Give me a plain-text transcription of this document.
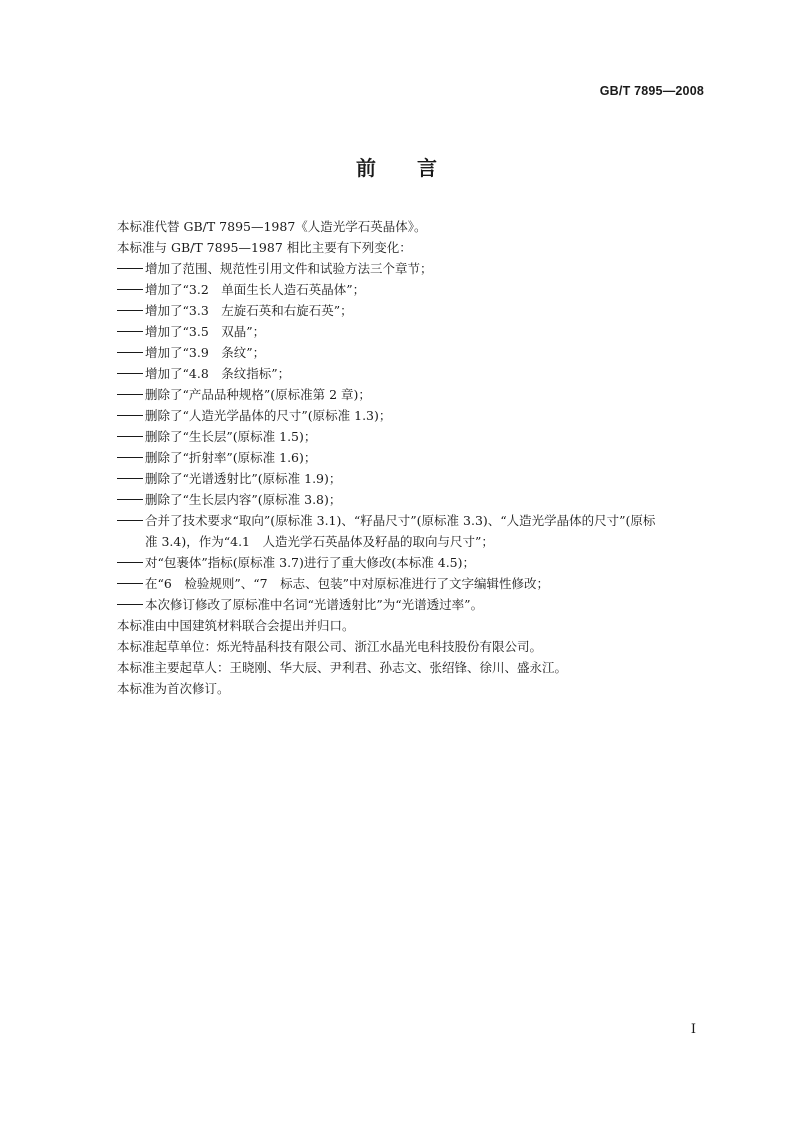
GB/T 7895—2008
前 言
本标准代替 GB/T 7895—1987《人造光学石英晶体》。
本标准与 GB/T 7895—1987 相比主要有下列变化：
增加了范围、规范性引用文件和试验方法三个章节；
增加了“3.2　单面生长人造石英晶体”；
增加了“3.3　左旋石英和右旋石英”；
增加了“3.5　双晶”；
增加了“3.9　条纹”；
增加了“4.8　条纹指标”；
删除了“产品品种规格”(原标准第 2 章)；
删除了“人造光学晶体的尺寸”(原标准 1.3)；
删除了“生长层”(原标准 1.5)；
删除了“折射率”(原标准 1.6)；
删除了“光谱透射比”(原标准 1.9)；
删除了“生长层内容”(原标准 3.8)；
合并了技术要求“取向”(原标准 3.1)、“籽晶尺寸”(原标准 3.3)、“人造光学晶体的尺寸”(原标
准 3.4)，作为“4.1　人造光学石英晶体及籽晶的取向与尺寸”；
对“包裹体”指标(原标准 3.7)进行了重大修改(本标准 4.5)；
在“6　检验规则”、“7　标志、包装”中对原标准进行了文字编辑性修改；
本次修订修改了原标准中名词“光谱透射比”为“光谱透过率”。
本标准由中国建筑材料联合会提出并归口。
本标准起草单位：烁光特晶科技有限公司、浙江水晶光电科技股份有限公司。
本标准主要起草人：王晓刚、华大辰、尹利君、孙志文、张绍锋、徐川、盛永江。
本标准为首次修订。
I
